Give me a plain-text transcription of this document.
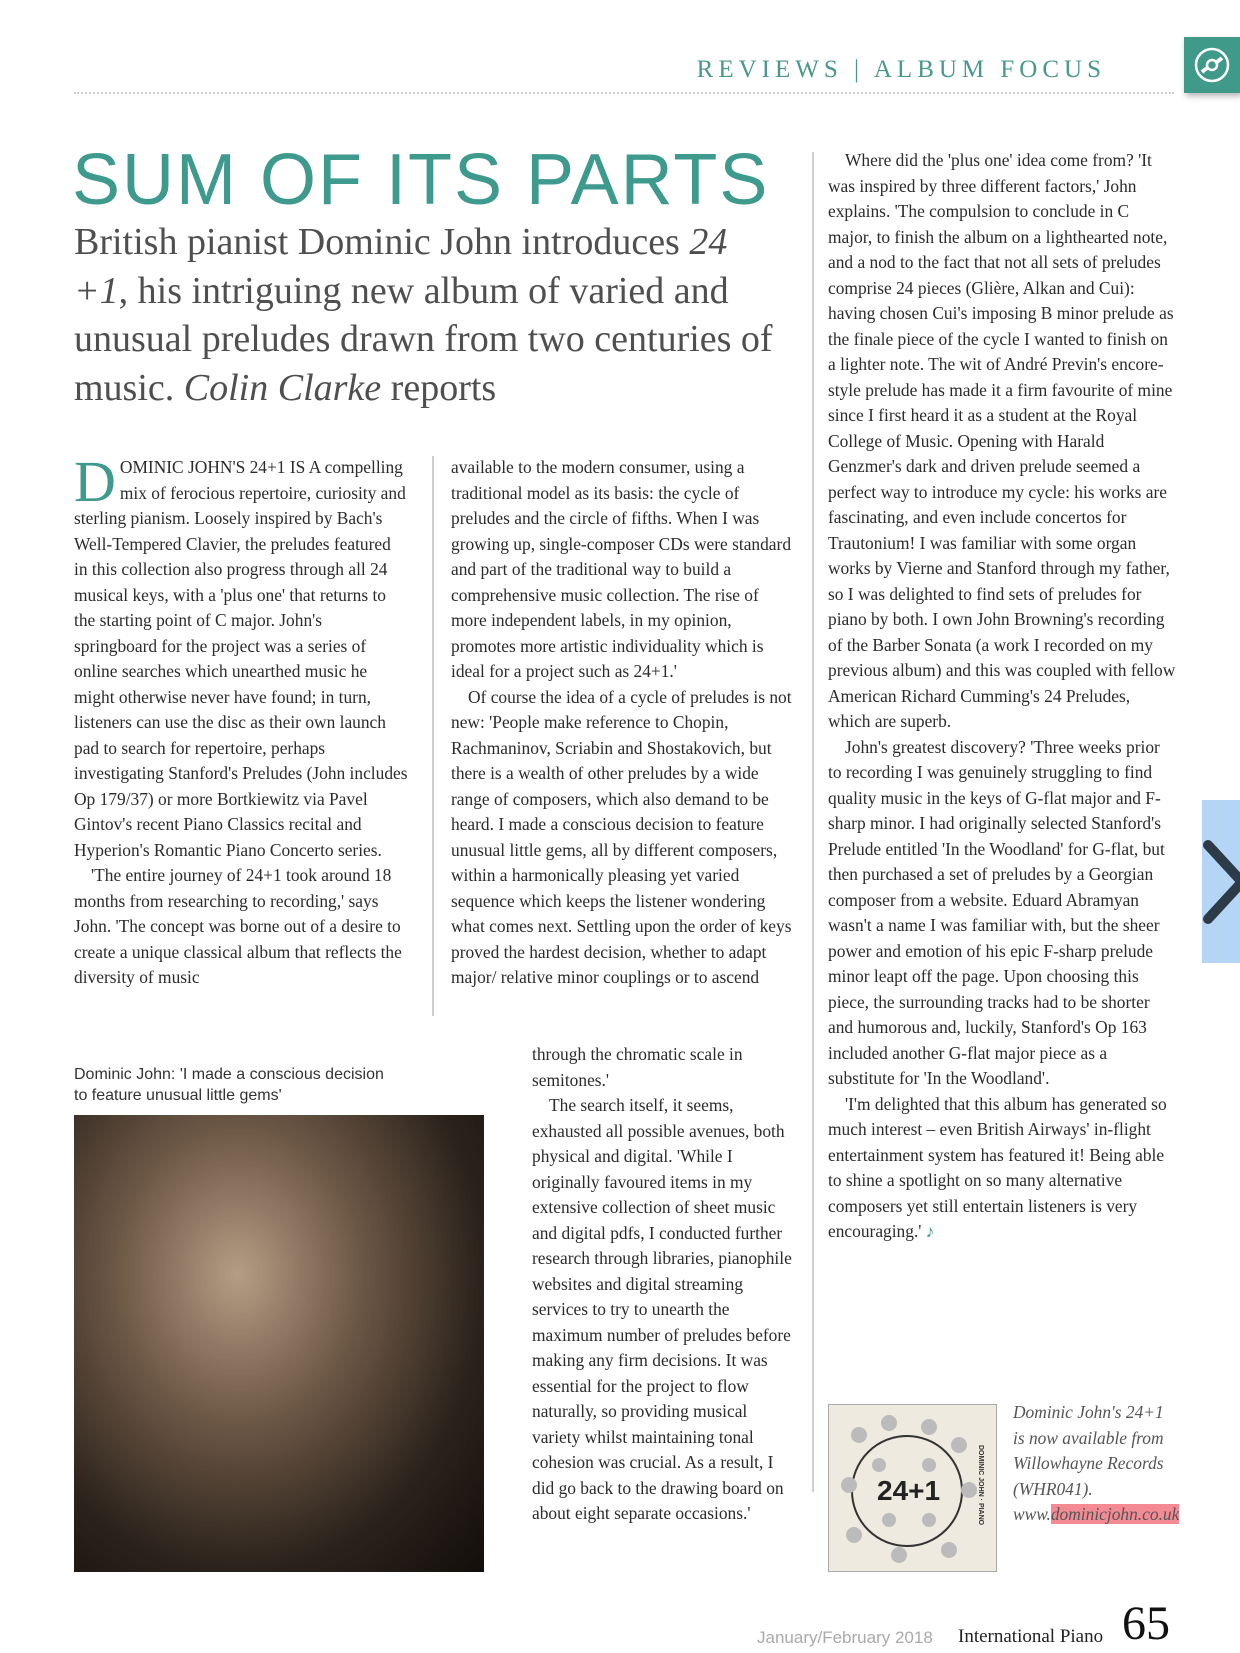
REVIEWS | ALBUM FOCUS
SUM OF ITS PARTS
British pianist Dominic John introduces 24 +1, his intriguing new album of varied and unusual preludes drawn from two centuries of music. Colin Clarke reports

DOMINIC JOHN'S 24+1 IS A compelling mix of ferocious repertoire, curiosity and sterling pianism. Loosely inspired by Bach's Well-Tempered Clavier, the preludes featured in this collection also progress through all 24 musical keys, with a 'plus one' that returns to the starting point of C major. John's springboard for the project was a series of online searches which unearthed music he might otherwise never have found; in turn, listeners can use the disc as their own launch pad to search for repertoire, perhaps investigating Stanford's Preludes (John includes Op 179/37) or more Bortkiewitz via Pavel Gintov's recent Piano Classics recital and Hyperion's Romantic Piano Concerto series.

'The entire journey of 24+1 took around 18 months from researching to recording,' says John. 'The concept was borne out of a desire to create a unique classical album that reflects the diversity of music

Dominic John: 'I made a conscious decision to feature unusual little gems'

available to the modern consumer, using a traditional model as its basis: the cycle of preludes and the circle of fifths. When I was growing up, single-composer CDs were standard and part of the traditional way to build a comprehensive music collection. The rise of more independent labels, in my opinion, promotes more artistic individuality which is ideal for a project such as 24+1.'

Of course the idea of a cycle of preludes is not new: 'People make reference to Chopin, Rachmaninov, Scriabin and Shostakovich, but there is a wealth of other preludes by a wide range of composers, which also demand to be heard. I made a conscious decision to feature unusual little gems, all by different composers, within a harmonically pleasing yet varied sequence which keeps the listener wondering what comes next. Settling upon the order of keys proved the hardest decision, whether to adapt major/ relative minor couplings or to ascend

through the chromatic scale in semitones.'

The search itself, it seems, exhausted all possible avenues, both physical and digital. 'While I originally favoured items in my extensive collection of sheet music and digital pdfs, I conducted further research through libraries, pianophile websites and digital streaming services to try to unearth the maximum number of preludes before making any firm decisions. It was essential for the project to flow naturally, so providing musical variety whilst maintaining tonal cohesion was crucial. As a result, I did go back to the drawing board on about eight separate occasions.'

Where did the 'plus one' idea come from? 'It was inspired by three different factors,' John explains. 'The compulsion to conclude in C major, to finish the album on a lighthearted note, and a nod to the fact that not all sets of preludes comprise 24 pieces (Glière, Alkan and Cui): having chosen Cui's imposing B minor prelude as the finale piece of the cycle I wanted to finish on a lighter note. The wit of André Previn's encore-style prelude has made it a firm favourite of mine since I first heard it as a student at the Royal College of Music. Opening with Harald Genzmer's dark and driven prelude seemed a perfect way to introduce my cycle: his works are fascinating, and even include concertos for Trautonium! I was familiar with some organ works by Vierne and Stanford through my father, so I was delighted to find sets of preludes for piano by both. I own John Browning's recording of the Barber Sonata (a work I recorded on my previous album) and this was coupled with fellow American Richard Cumming's 24 Preludes, which are superb.

John's greatest discovery? 'Three weeks prior to recording I was genuinely struggling to find quality music in the keys of G-flat major and F-sharp minor. I had originally selected Stanford's Prelude entitled 'In the Woodland' for G-flat, but then purchased a set of preludes by a Georgian composer from a website. Eduard Abramyan wasn't a name I was familiar with, but the sheer power and emotion of his epic F-sharp prelude minor leapt off the page. Upon choosing this piece, the surrounding tracks had to be shorter and humorous and, luckily, Stanford's Op 163 included another G-flat major piece as a substitute for 'In the Woodland'.

'I'm delighted that this album has generated so much interest – even British Airways' in-flight entertainment system has featured it! Being able to shine a spotlight on so many alternative composers yet still entertain listeners is very encouraging.' ♪

24+1	DOMINIC JOHN · PIANO
Dominic John's 24+1 is now available from Willowhayne Records (WHR041). www.dominicjohn.co.uk
January/February 2018 International Piano 65
